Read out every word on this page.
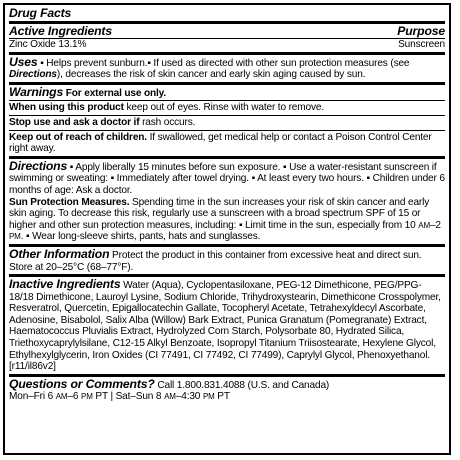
Drug Facts
Active Ingredients	Purpose
Zinc Oxide 13.1%	Sunscreen

Uses ▪ Helps prevent sunburn.▪ If used as directed with other sun protection measures (see Directions), decreases the risk of skin cancer and early skin aging caused by sun.

Warnings For external use only.

When using this product keep out of eyes. Rinse with water to remove.

Stop use and ask a doctor if rash occurs.

Keep out of reach of children. If swallowed, get medical help or contact a Poison Control Center right away.

Directions ▪ Apply liberally 15 minutes before sun exposure. ▪ Use a water-resistant sunscreen if swimming or sweating: ▪ Immediately after towel drying. ▪ At least every two hours. ▪ Children under 6 months of age: Ask a doctor.

Sun Protection Measures. Spending time in the sun increases your risk of skin cancer and early skin aging. To decrease this risk, regularly use a sunscreen with a broad spectrum SPF of 15 or higher and other sun protection measures, including: ▪ Limit time in the sun, especially from 10 AM–2 PM. ▪ Wear long-sleeve shirts, pants, hats and sunglasses.

Other Information Protect the product in this container from excessive heat and direct sun. Store at 20–25°C (68–77°F).

Inactive Ingredients Water (Aqua), Cyclopentasiloxane, PEG-12 Dimethicone, PEG/PPG-18/18 Dimethicone, Lauroyl Lysine, Sodium Chloride, Trihydroxystearin, Dimethicone Crosspolymer, Resveratrol, Quercetin, Epigallocatechin Gallate, Tocopheryl Acetate, Tetrahexyldecyl Ascorbate, Adenosine, Bisabolol, Salix Alba (Willow) Bark Extract, Punica Granatum (Pomegranate) Extract, Haematococcus Pluvialis Extract, Hydrolyzed Corn Starch, Polysorbate 80, Hydrated Silica, Triethoxycaprylylsilane, C12-15 Alkyl Benzoate, Isopropyl Titanium Triisostearate, Hexylene Glycol, Ethylhexylglycerin, Iron Oxides (CI 77491, CI 77492, CI 77499), Caprylyl Glycol, Phenoxyethanol. [r11/il86v2]

Questions or Comments? Call 1.800.831.4088 (U.S. and Canada)

Mon–Fri 6 AM–6 PM PT | Sat–Sun 8 AM–4:30 PM PT
